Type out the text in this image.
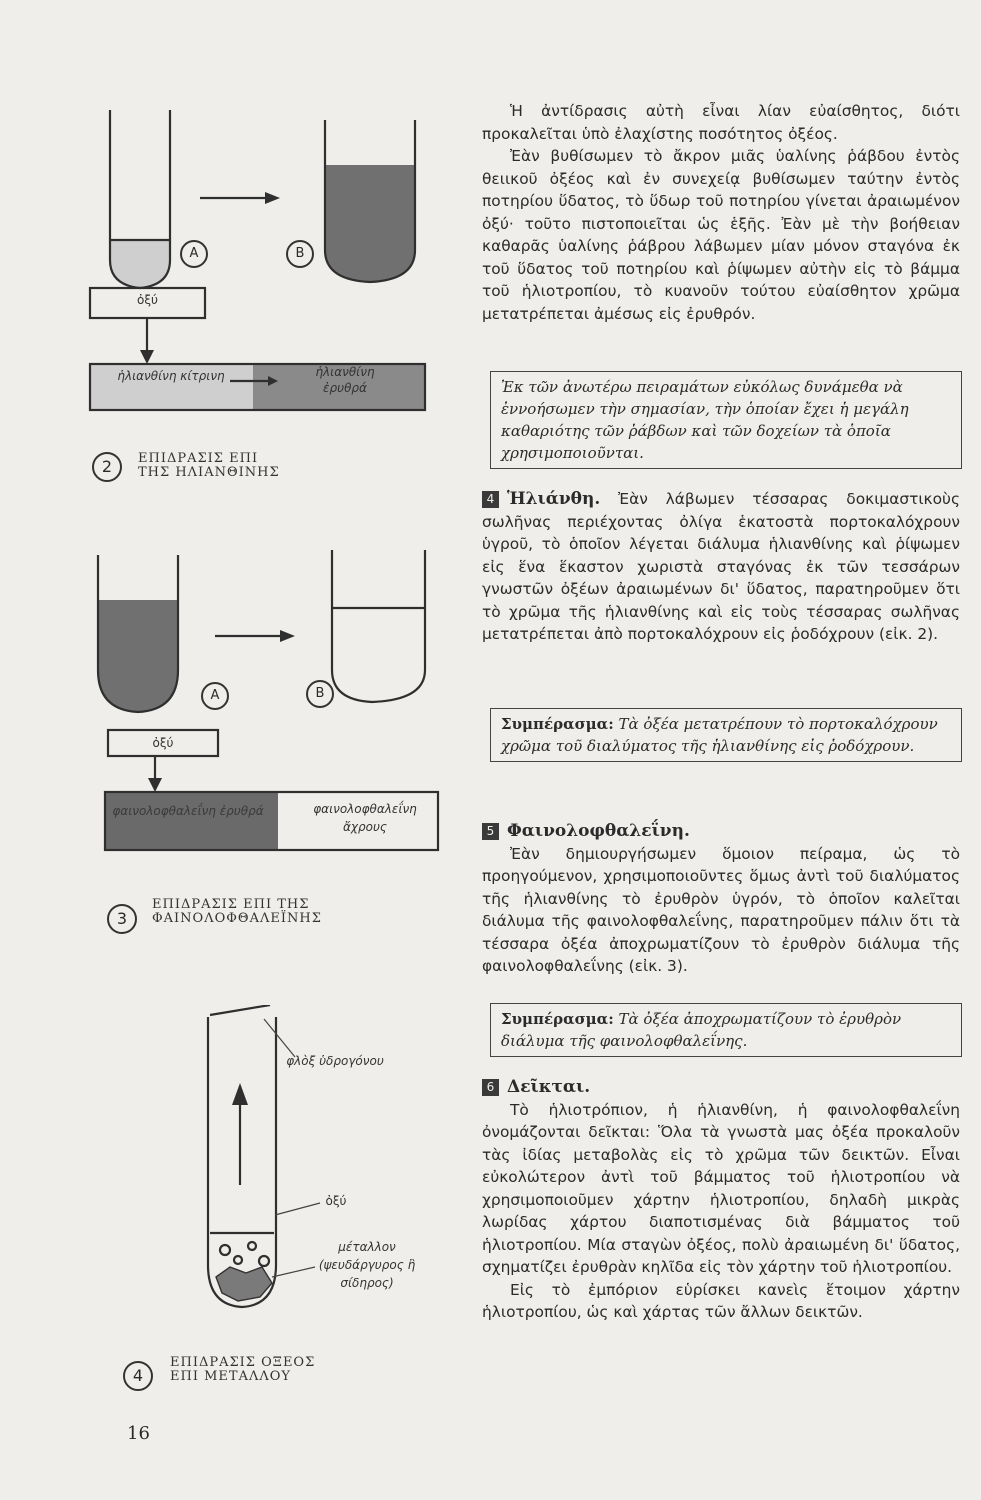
A	B
ὀξύ
ἡλιανθίνη κίτρινη	ἡλιανθίνη ἐρυθρά
2	ΕΠΙΔΡΑΣΙΣ ΕΠΙ
ΤΗΣ ΗΛΙΑΝΘΙΝΗΣ
A	B
ὀξύ
φαινολοφθαλεΐνη ἐρυθρά	φαινολοφθαλεΐνη ἄχρους
3
ΕΠΙΔΡΑΣΙΣ ΕΠΙ ΤΗΣ
ΦΑΙΝΟΛΟΦΘΑΛΕΪΝΗΣ
φλὸξ ὑδρογόνου
ὀξύ
μέταλλον (ψευδάργυρος ἢ σίδηρος)
4
ΕΠΙΔΡΑΣΙΣ ΟΞΕΟΣ
ΕΠΙ ΜΕΤΑΛΛΟΥ
16

Ἡ ἀντίδρασις αὐτὴ εἶναι λίαν εὐαίσθητος, διότι προκαλεῖται ὑπὸ ἐλαχίστης ποσότητος ὀξέος.

Ἐὰν βυθίσωμεν τὸ ἄκρον μιᾶς ὑαλίνης ῥάβδου ἐντὸς θειικοῦ ὀξέος καὶ ἐν συνεχείᾳ βυθίσωμεν ταύτην ἐντὸς ποτηρίου ὕδατος, τὸ ὕδωρ τοῦ ποτηρίου γίνεται ἀραιωμένον ὀξύ· τοῦτο πιστοποιεῖται ὡς ἑξῆς. Ἐὰν μὲ τὴν βοήθειαν καθαρᾶς ὑαλίνης ῥάβρου λάβωμεν μίαν μόνον σταγόνα ἐκ τοῦ ὕδατος τοῦ ποτηρίου καὶ ῥίψωμεν αὐτὴν εἰς τὸ βάμμα τοῦ ἡλιοτροπίου, τὸ κυανοῦν τούτου εὐαίσθητον χρῶμα μετατρέπεται ἀμέσως εἰς ἐρυθρόν.

Ἐκ τῶν ἀνωτέρω πειραμάτων εὐκόλως δυνάμεθα νὰ ἐννοήσωμεν τὴν σημασίαν, τὴν ὁποίαν ἔχει ἡ μεγάλη καθαριότης τῶν ῥάβδων καὶ τῶν δοχείων τὰ ὁποῖα χρησιμοποιοῦνται.

4 Ἡλιάνθη. Ἐὰν λάβωμεν τέσσαρας δοκιμαστικοὺς σωλῆνας περιέχοντας ὀλίγα ἑκατοστὰ πορτοκαλόχρουν ὑγροῦ, τὸ ὁποῖον λέγεται διάλυμα ἡλιανθίνης καὶ ῥίψωμεν εἰς ἕνα ἕκαστον χωριστὰ σταγόνας ἐκ τῶν τεσσάρων γνωστῶν ὀξέων ἀραιωμένων δι' ὕδατος, παρατηροῦμεν ὅτι τὸ χρῶμα τῆς ἡλιανθίνης καὶ εἰς τοὺς τέσσαρας σωλῆνας μετατρέπεται ἀπὸ πορτοκαλόχρουν εἰς ῥοδόχρουν (εἰκ. 2).

Συμπέρασμα: Τὰ ὀξέα μετατρέπουν τὸ πορτοκαλόχρουν χρῶμα τοῦ διαλύματος τῆς ἡλιανθίνης εἰς ῥοδόχρουν.

5 Φαινολοφθαλεΐνη.

Ἐὰν δημιουργήσωμεν ὅμοιον πείραμα, ὡς τὸ προηγούμενον, χρησιμοποιοῦντες ὅμως ἀντὶ τοῦ διαλύματος τῆς ἡλιανθίνης τὸ ἐρυθρὸν ὑγρόν, τὸ ὁποῖον καλεῖται διάλυμα τῆς φαινολοφθαλεΐνης, παρατηροῦμεν πάλιν ὅτι τὰ τέσσαρα ὀξέα ἀποχρωματίζουν τὸ ἐρυθρὸν διάλυμα τῆς φαινολοφθαλεΐνης (εἰκ. 3).

Συμπέρασμα: Τὰ ὀξέα ἀποχρωματίζουν τὸ ἐρυθρὸν διάλυμα τῆς φαινολοφθαλεΐνης.

6 Δεῖκται.

Τὸ ἡλιοτρόπιον, ἡ ἡλιανθίνη, ἡ φαινολοφθαλεΐνη ὀνομάζονται δεῖκται: Ὅλα τὰ γνωστὰ μας ὀξέα προκαλοῦν τὰς ἰδίας μεταβολὰς εἰς τὸ χρῶμα τῶν δεικτῶν. Εἶναι εὐκολώτερον ἀντὶ τοῦ βάμματος τοῦ ἡλιοτροπίου νὰ χρησιμοποιοῦμεν χάρτην ἡλιοτροπίου, δηλαδὴ μικρὰς λωρίδας χάρτου διαποτισμένας διὰ βάμματος τοῦ ἡλιοτροπίου. Μία σταγὼν ὀξέος, πολὺ ἀραιωμένη δι' ὕδατος, σχηματίζει ἐρυθρὰν κηλῖδα εἰς τὸν χάρτην τοῦ ἡλιοτροπίου.

Εἰς τὸ ἐμπόριον εὑρίσκει κανεὶς ἕτοιμον χάρτην ἡλιοτροπίου, ὡς καὶ χάρτας τῶν ἄλλων δεικτῶν.
